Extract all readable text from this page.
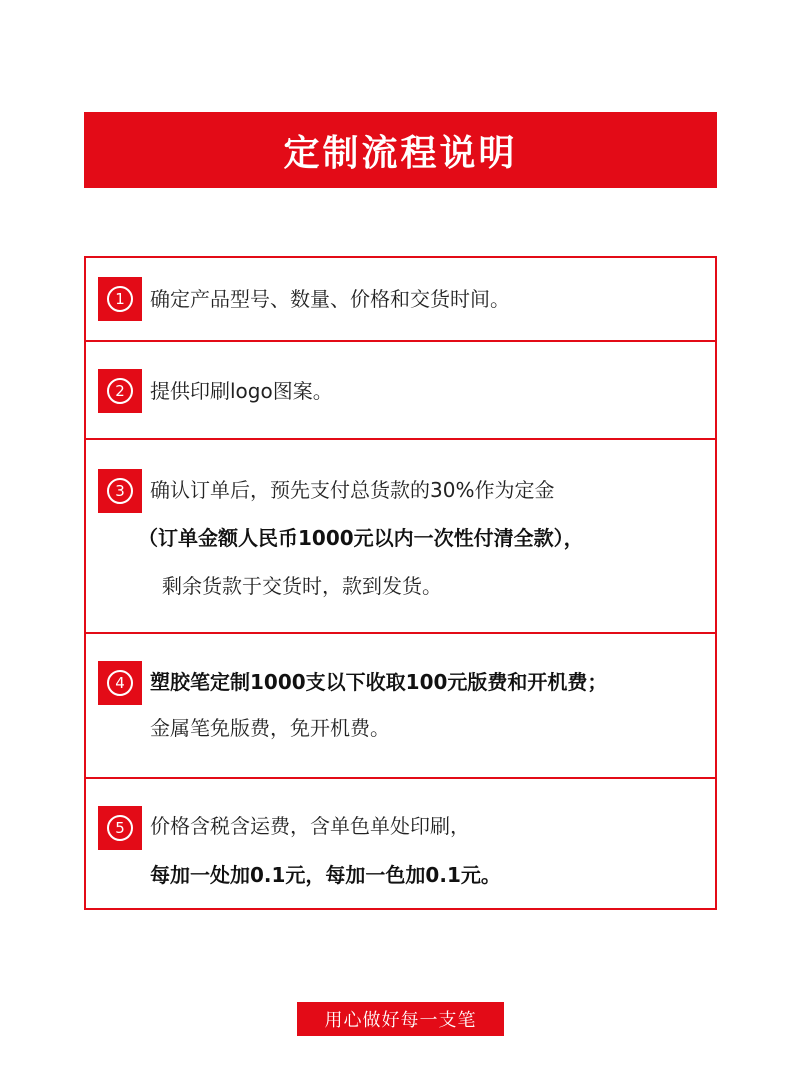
定制流程说明
1	确定产品型号、数量、价格和交货时间。
2	提供印刷logo图案。
3	确认订单后，预先支付总货款的30%作为定金
（订单金额人民币1000元以内一次性付清全款），
剩余货款于交货时，款到发货。
4	塑胶笔定制1000支以下收取100元版费和开机费；
金属笔免版费，免开机费。
5	价格含税含运费，含单色单处印刷，
每加一处加0.1元，每加一色加0.1元。
用心做好每一支笔
